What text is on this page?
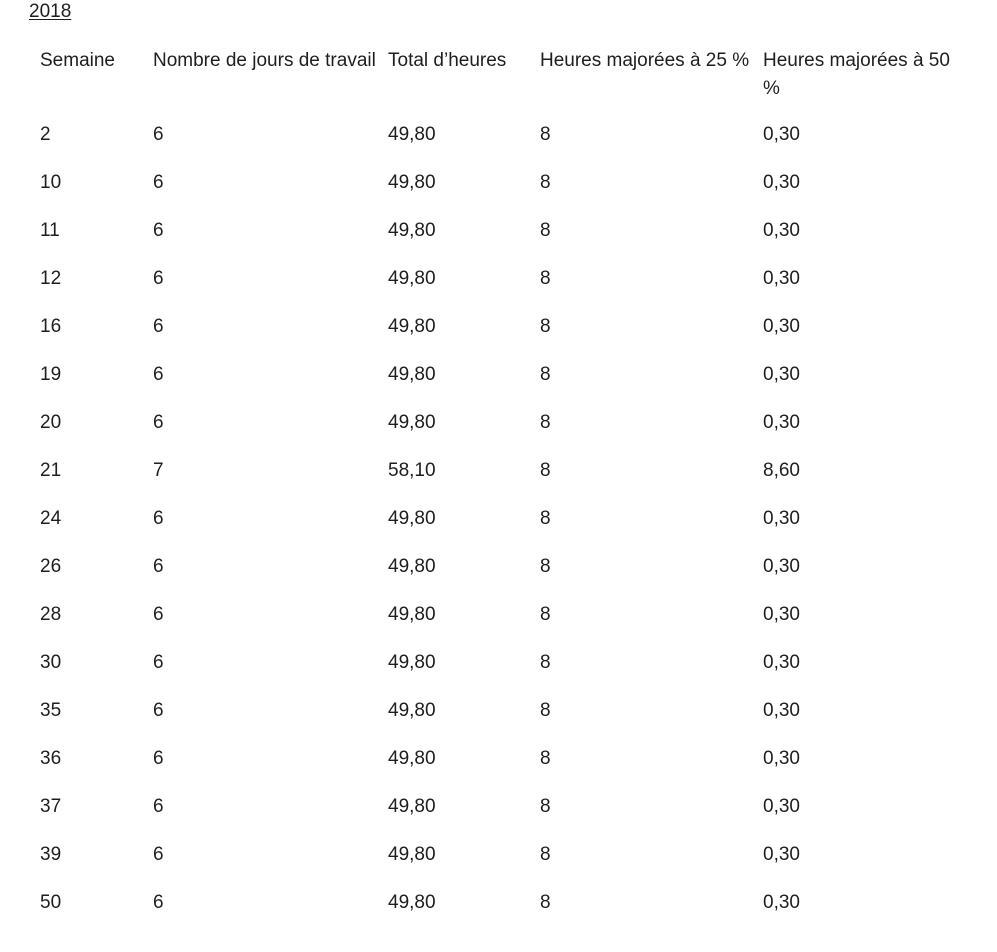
2018
Semaine	Nombre de jours de travail	Total d’heures	Heures majorées à 25 %	Heures majorées à 50 %
2	6	49,80	8	0,30
10	6	49,80	8	0,30
11	6	49,80	8	0,30
12	6	49,80	8	0,30
16	6	49,80	8	0,30
19	6	49,80	8	0,30
20	6	49,80	8	0,30
21	7	58,10	8	8,60
24	6	49,80	8	0,30
26	6	49,80	8	0,30
28	6	49,80	8	0,30
30	6	49,80	8	0,30
35	6	49,80	8	0,30
36	6	49,80	8	0,30
37	6	49,80	8	0,30
39	6	49,80	8	0,30
50	6	49,80	8	0,30
